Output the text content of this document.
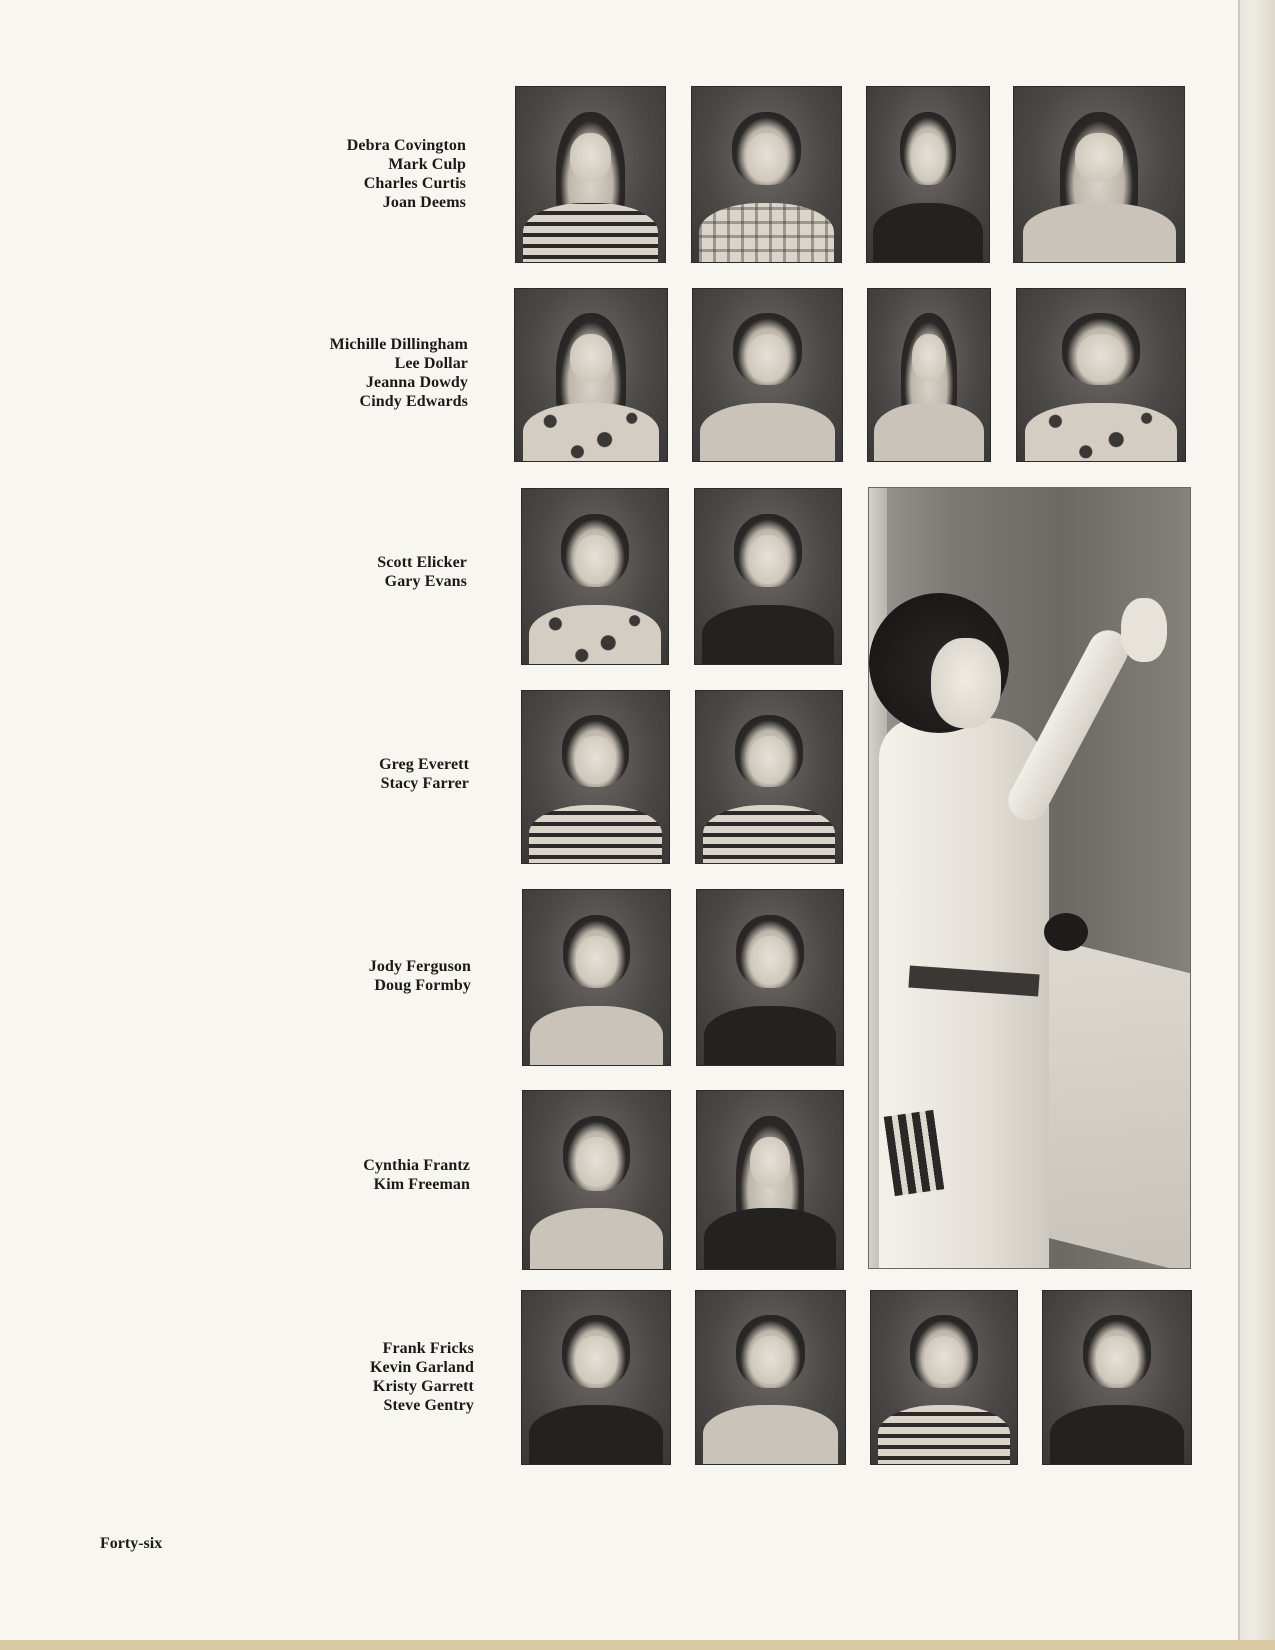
Debra Covington
Mark Culp
Charles Curtis
Joan Deems
Michille Dillingham
Lee Dollar
Jeanna Dowdy
Cindy Edwards
Scott Elicker
Gary Evans
Greg Everett
Stacy Farrer
Jody Ferguson
Doug Formby
Cynthia Frantz
Kim Freeman
Frank Fricks
Kevin Garland
Kristy Garrett
Steve Gentry
Forty-six
